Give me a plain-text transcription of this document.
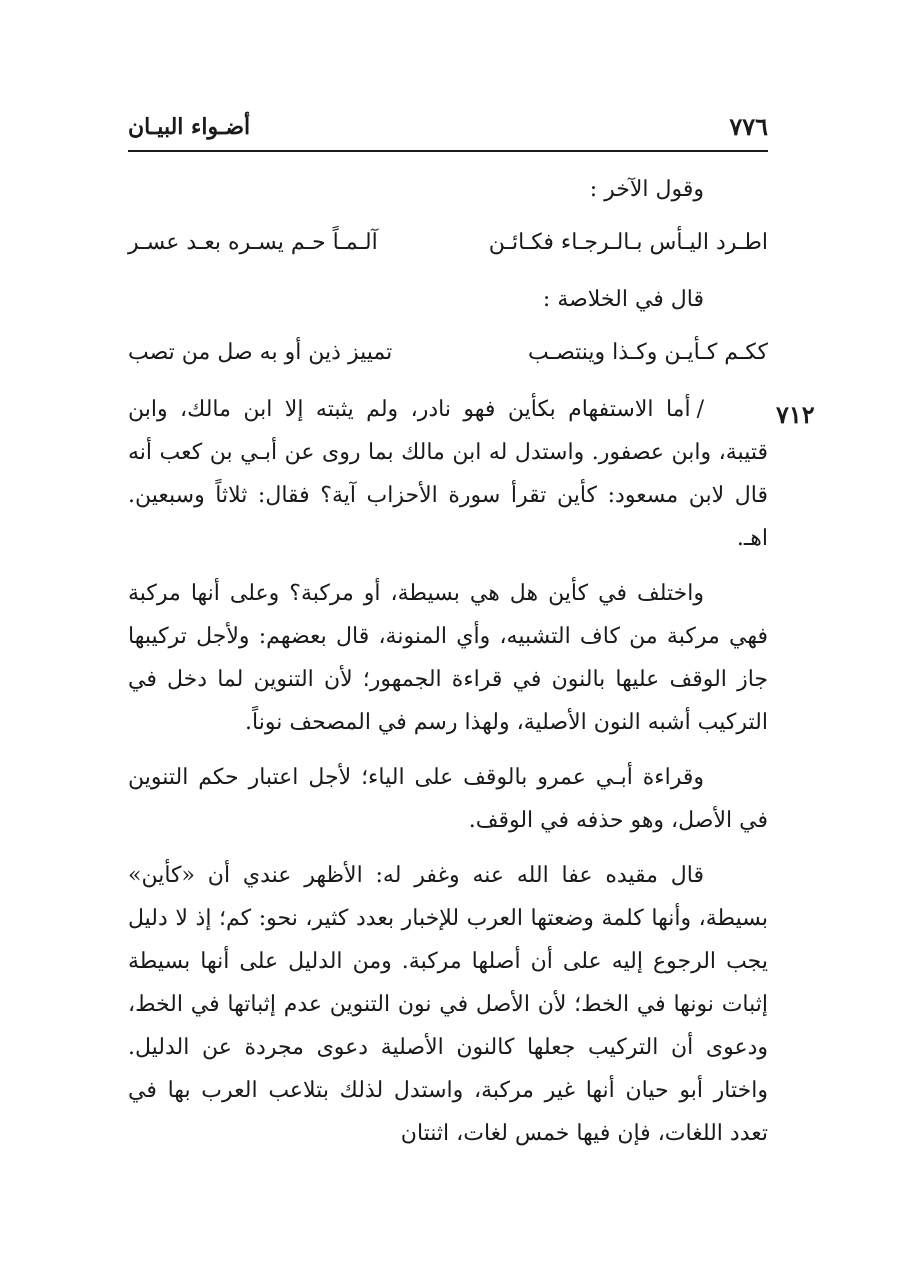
أضـواء البيـان	٧٧٦
٧١٢
وقول الآخر :
اطـرد اليـأس بـالـرجـاء فكـائـن
آلـمـاً حـم يسـره بعـد عسـر
قال في الخلاصة :
ككـم كـأيـن وكـذا وينتصـب
تمييز ذين أو به صل من تصب

/أما الاستفهام بكأين فهو نادر، ولم يثبته إلا ابن مالك، وابن قتيبة، وابن عصفور. واستدل له ابن مالك بما روى عن أبـي بن كعب أنه قال لابن مسعود: كأين تقرأ سورة الأحزاب آية؟ فقال: ثلاثاً وسبعين. اهـ.

واختلف في كأين هل هي بسيطة، أو مركبة؟ وعلى أنها مركبة فهي مركبة من كاف التشبيه، وأي المنونة، قال بعضهم: ولأجل تركيبها جاز الوقف عليها بالنون في قراءة الجمهور؛ لأن التنوين لما دخل في التركيب أشبه النون الأصلية، ولهذا رسم في المصحف نوناً.

وقراءة أبـي عمرو بالوقف على الياء؛ لأجل اعتبار حكم التنوين في الأصل، وهو حذفه في الوقف.

قال مقيده عفا الله عنه وغفر له: الأظهر عندي أن «كأين» بسيطة، وأنها كلمة وضعتها العرب للإخبار بعدد كثير، نحو: كم؛ إذ لا دليل يجب الرجوع إليه على أن أصلها مركبة. ومن الدليل على أنها بسيطة إثبات نونها في الخط؛ لأن الأصل في نون التنوين عدم إثباتها في الخط، ودعوى أن التركيب جعلها كالنون الأصلية دعوى مجردة عن الدليل. واختار أبو حيان أنها غير مركبة، واستدل لذلك بتلاعب العرب بها في تعدد اللغات، فإن فيها خمس لغات، اثنتان
